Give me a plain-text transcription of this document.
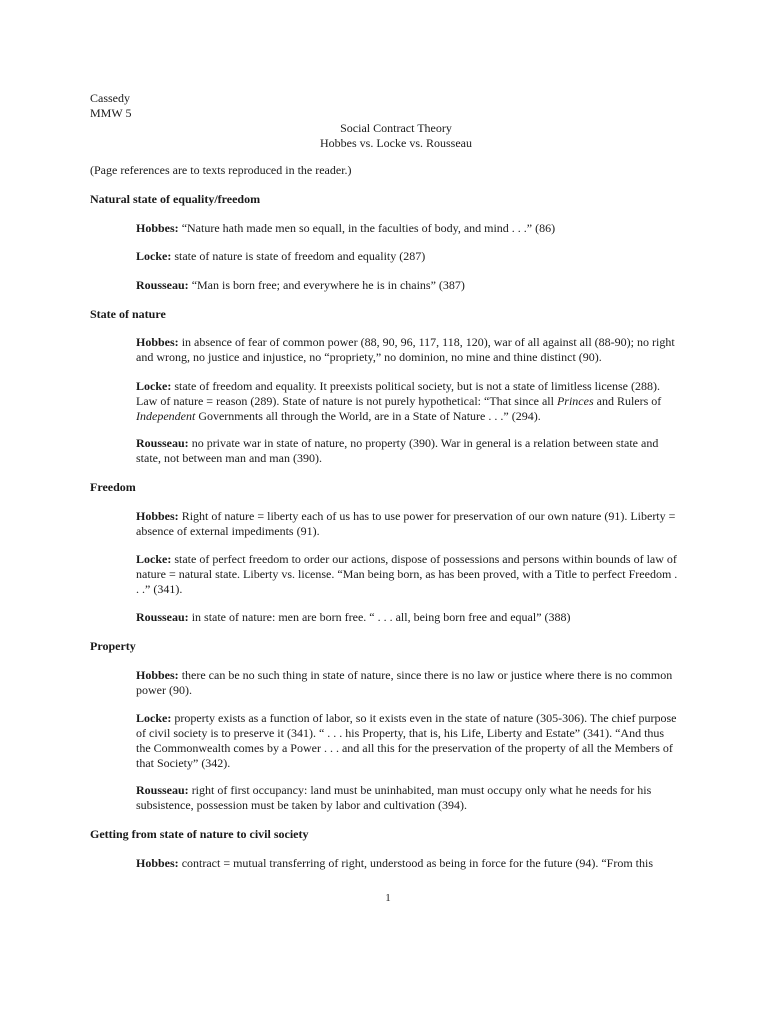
Cassedy
MMW 5
Social Contract Theory
Hobbes vs. Locke vs. Rousseau
(Page references are to texts reproduced in the reader.)
Natural state of equality/freedom
Hobbes: “Nature hath made men so equall, in the faculties of body, and mind . . .” (86)
Locke: state of nature is state of freedom and equality (287)
Rousseau: “Man is born free; and everywhere he is in chains” (387)
State of nature
Hobbes: in absence of fear of common power (88, 90, 96, 117, 118, 120), war of all against all (88-90); no right and wrong, no justice and injustice, no “propriety,” no dominion, no mine and thine distinct (90).
Locke: state of freedom and equality. It preexists political society, but is not a state of limitless license (288). Law of nature = reason (289). State of nature is not purely hypothetical: “That since all Princes and Rulers of Independent Governments all through the World, are in a State of Nature . . .” (294).
Rousseau: no private war in state of nature, no property (390). War in general is a relation between state and state, not between man and man (390).
Freedom
Hobbes: Right of nature = liberty each of us has to use power for preservation of our own nature (91). Liberty = absence of external impediments (91).
Locke: state of perfect freedom to order our actions, dispose of possessions and persons within bounds of law of nature = natural state. Liberty vs. license. “Man being born, as has been proved, with a Title to perfect Freedom . . .” (341).
Rousseau: in state of nature: men are born free. “ . . . all, being born free and equal” (388)
Property
Hobbes: there can be no such thing in state of nature, since there is no law or justice where there is no common power (90).
Locke: property exists as a function of labor, so it exists even in the state of nature (305-306). The chief purpose of civil society is to preserve it (341). “ . . . his Property, that is, his Life, Liberty and Estate” (341). “And thus the Commonwealth comes by a Power . . . and all this for the preservation of the property of all the Members of that Society” (342).
Rousseau: right of first occupancy: land must be uninhabited, man must occupy only what he needs for his subsistence, possession must be taken by labor and cultivation (394).
Getting from state of nature to civil society
Hobbes: contract = mutual transferring of right, understood as being in force for the future (94). “From this
1
